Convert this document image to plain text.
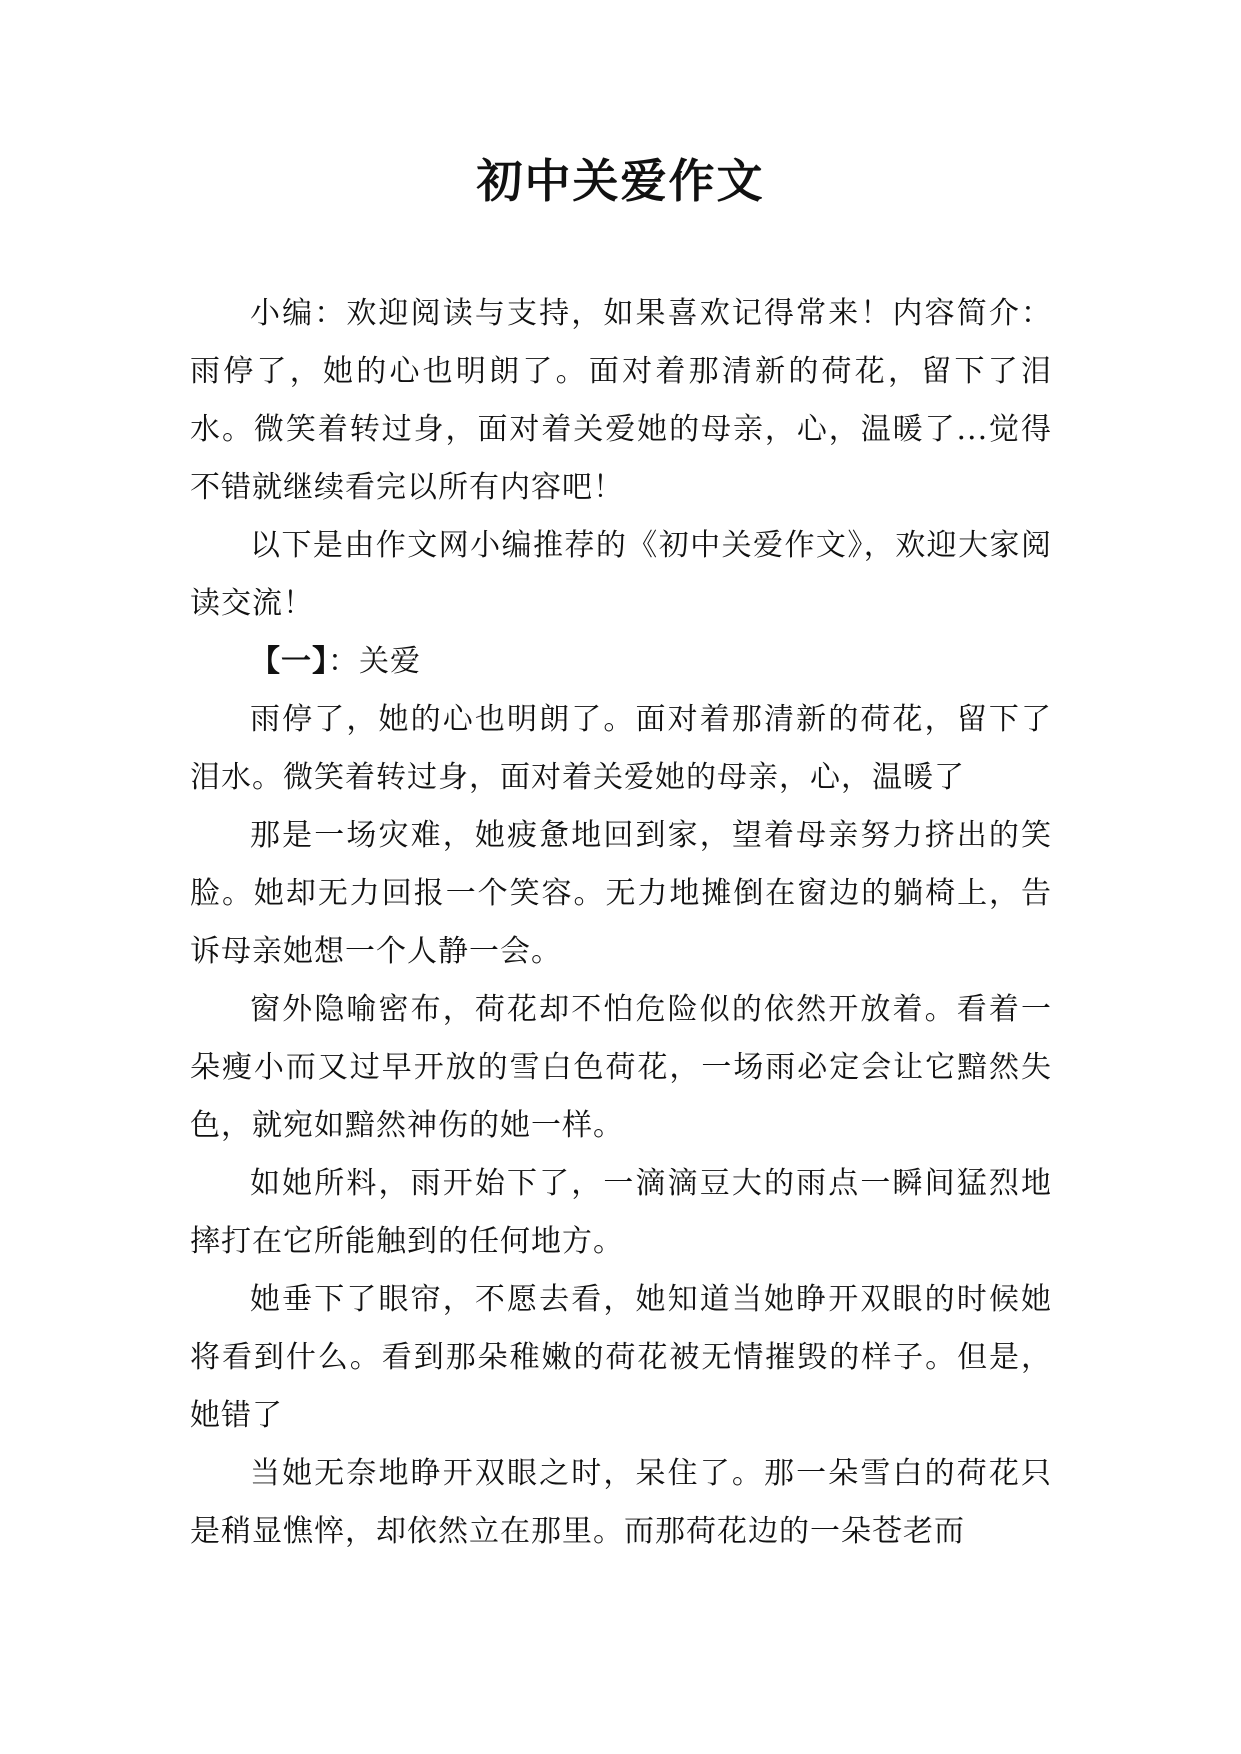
初中关爱作文

小编：欢迎阅读与支持，如果喜欢记得常来！内容简介：雨停了，她的心也明朗了。面对着那清新的荷花，留下了泪水。微笑着转过身，面对着关爱她的母亲，心，温暖了...觉得不错就继续看完以所有内容吧！

以下是由作文网小编推荐的《初中关爱作文》，欢迎大家阅读交流！

【一】：关爱

雨停了，她的心也明朗了。面对着那清新的荷花，留下了泪水。微笑着转过身，面对着关爱她的母亲，心，温暖了

那是一场灾难，她疲惫地回到家，望着母亲努力挤出的笑脸。她却无力回报一个笑容。无力地摊倒在窗边的躺椅上，告诉母亲她想一个人静一会。

窗外隐喻密布，荷花却不怕危险似的依然开放着。看着一朵瘦小而又过早开放的雪白色荷花，一场雨必定会让它黯然失色，就宛如黯然神伤的她一样。

如她所料，雨开始下了，一滴滴豆大的雨点一瞬间猛烈地摔打在它所能触到的任何地方。

她垂下了眼帘，不愿去看，她知道当她睁开双眼的时候她将看到什么。看到那朵稚嫩的荷花被无情摧毁的样子。但是，她错了

当她无奈地睁开双眼之时，呆住了。那一朵雪白的荷花只是稍显憔悴，却依然立在那里。而那荷花边的一朵苍老而
